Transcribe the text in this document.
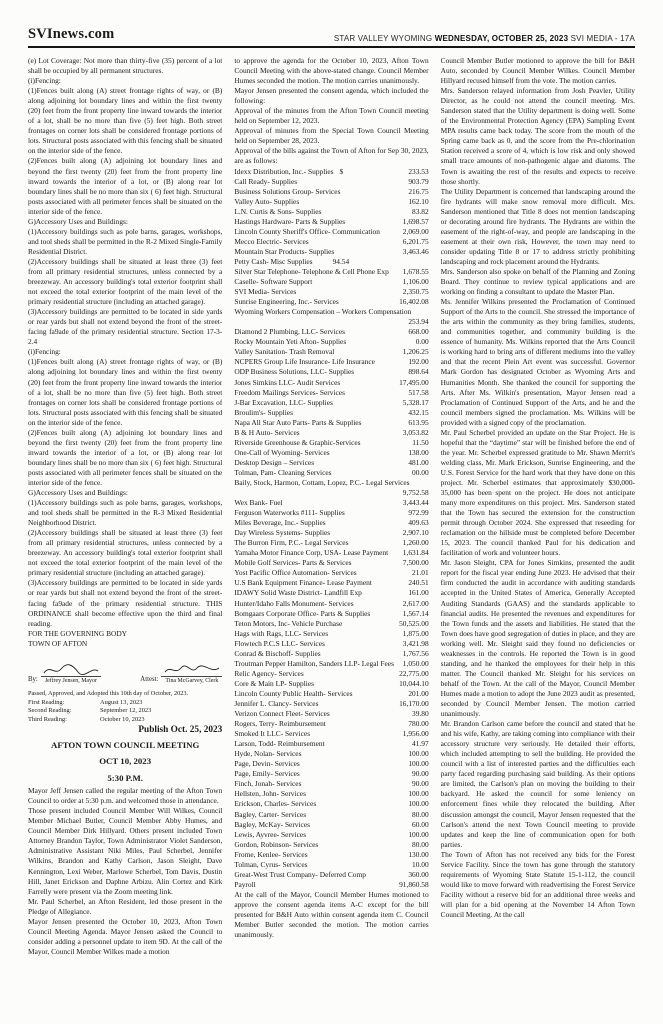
SVInews.com	STAR VALLEY WYOMING WEDNESDAY, OCTOBER 25, 2023 SVI MEDIA - 17A

(e) Lot Coverage: Not more than thirty-five (35) percent of a lot shall be occupied by all permanent structures.

(i)Fencing:

(1)Fences built along (A) street frontage rights of way, or (B) along adjoining lot boundary lines and within the first twenty (20) feet from the front property line inward towards the interior of a lot, shall be no more than five (5) feet high. Both street frontages on corner lots shall be considered frontage portions of lots. Structural posts associated with this fencing shall be situated on the interior side of the fence.

(2)Fences built along (A) adjoining lot boundary lines and beyond the first twenty (20) feet from the front property line inward towards the interior of a lot, or (B) along rear lot boundary lines shall be no more than six ( 6) feet high. Structural posts associated with all perimeter fences shall be situated on the interior side of the fence.

G)Accessory Uses and Buildings:

(1)Accessory buildings such as pole barns, garages, workshops, and tool sheds shall be permitted in the R-2 Mixed Single-Family Residential District.

(2)Accessory buildings shall be situated at least three (3) feet from all primary residential structures, unless connected by a breezeway. An accessory building's total exterior footprint shall not exceed the total exterior footprint of the main level of the primary residential structure (including an attached garage).

(3)Accessory buildings are permitted to be located in side yards or rear yards but shall not extend beyond the front of the street-facing fa9ade of the primary residential structure. Section 17-3-2.4

(i)Fencing:

(1)Fences built along (A) street frontage rights of way, or (B) along adjoining lot boundary lines and within the first twenty (20) feet from the front property line inward towards the interior of a lot, shall be no more than five (5) feet high. Both street frontages on corner lots shall be considered frontage portions of lots. Structural posts associated with this fencing shall be situated on the interior side of the fence.

(2)Fences built along (A) adjoining lot boundary lines and beyond the first twenty (20) feet from the front property line inward towards the interior of a lot, or (B) along rear lot boundary lines shall be no more than six ( 6) feet high. Structural posts associated with all perimeter fences shall be situated on the interior side of the fence.

G)Accessory Uses and Buildings:

(1)Accessory buildings such as pole barns, garages, workshops, and tool sheds shall be permitted in the R-3 Mixed Residential Neighborhood District.

(2)Accessory buildings shall be situated at least three (3) feet from all primary residential structures, unless connected by a breezeway. An accessory building's total exterior footprint shall not exceed the total exterior footprint of the main level of the primary residential structure (including an attached garage).

(3)Accessory buildings are permitted to be located in side yards or rear yards but shall not extend beyond the front of the street-facing fa9ade of the primary residential structure. THIS ORDINANCE shall become effective upon the third and final reading.

FOR THE GOVERNING BODY

TOWN OF AFTON

By:	Jeffrey Jensen, Mayor	Attest:	Tina McGarvey, Clerk

Passed, Approved, and Adopted this 10th day of October, 2023.

First Reading:	August 13, 2023
Second Reading:	September 12, 2023
Third Reading:	October 10, 2023

Publish Oct. 25, 2023

AFTON TOWN COUNCIL MEETING
OCT 10, 2023
5:30 P.M.

Mayor Jeff Jensen called the regular meeting of the Afton Town Council to order at 5:30 p.m. and welcomed those in attendance.

Those present included Council Member Will Wilkes, Council Member Michael Butler, Council Member Abby Humes, and Council Member Dirk Hillyard. Others present included Town Attorney Brandon Taylor, Town Administrator Violet Sanderson, Administrative Assistant Niki Miles, Paul Scherbel, Jennifer Wilkins, Brandon and Kathy Carlson, Jason Sleight, Dave Kennington, Lexi Weber, Marlowe Scherbel, Tom Davis, Dustin Hill, Janet Erickson and Daphne Arbizu. Alin Cortez and Kirk Farrelly were present via the Zoom meeting link.

Mr. Paul Scherbel, an Afton Resident, led those present in the Pledge of Allegiance.

Mayor Jensen presented the October 10, 2023, Afton Town Council Meeting Agenda. Mayor Jensen asked the Council to consider adding a personnel update to item 9D. At the call of the Mayor, Council Member Wilkes made a motion

to approve the agenda for the October 10, 2023, Afton Town Council Meeting with the above-stated change. Council Member Humes seconded the motion. The motion carries unanimously.

Mayor Jensen presented the consent agenda, which included the following:

Approval of the minutes from the Afton Town Council meeting held on September 12, 2023.

Approval of minutes from the Special Town Council Meeting held on September 28, 2023.

Approval of the bills against the Town of Afton for Sep 30, 2023, are as follows:

Idexx Distribution, Inc.- Supplies $	233.53
Call Ready- Supplies	903.79
Business Solutions Group- Services	216.75
Valley Auto- Supplies	162.10
L.N. Curtis & Sons- Supplies	83.82
Hastings Hardware- Parts & Supplies	1,698.57
Lincoln County Sheriff's Office- Communication	2,069.00
Mecco Electric- Services	6,201.75
Mountain Star Products- Supplies	3,463.46
Petty Cash- Misc Supplies	94.54
Silver Star Telephone- Telephone & Cell Phone Exp 1,678.55
Caselle- Software Support	1,106.00
SVI Media- Services	2,350.75
Sunrise Engineering, Inc.- Services	16,402.08
Wyoming Workers Compensation – Workers Compensation
253.94
Diamond 2 Plumbing, LLC- Services	668.00
Rocky Mountain Yeti Afton- Supplies	0.00
Valley Sanitation- Trash Removal	1,206.25
NCPERS Group Life Insurance- Life Insurance	192.00
ODP Business Solutions, LLC- Supplies	898.64
Jones Simkins LLC- Audit Services	17,495.00
Freedom Mailings Services- Services	517.58
J-Bar Excavation, LLC- Supplies	5,328.17
Broulim's- Supplies	432.15
Napa All Star Auto Parts- Parts & Supplies	613.95
B & H Auto- Services	3,053.82
Riverside Greenhouse & Graphic-Services	11.50
One-Call of Wyoming- Services	138.00
Desktop Design – Services	481.00
Tolman, Pam- Cleaning Services	00.00
Baily, Stock, Harmon, Cottam, Lopez, P.C.- Legal Services
9,752.58
Wex Bank- Fuel	3,443.44
Ferguson Waterworks #111- Supplies	972.99
Miles Beverage, Inc.- Supplies	409.63
Day Wireless Systems- Supplies	2,907.10
The Burron Firm, P.C.- Legal Services	1,260.00
Yamaha Motor Finance Corp, USA- Lease Payment 1,631.84
Mobile Golf Services- Parts & Services	7,500.00
Yost Pacific Office Automation- Services	21.01
U.S Bank Equipment Finance- Lease Payment	240.51
IDAWY Solid Waste District- Landfill Exp	161.00
Hunter/Idaho Falls Monument- Services	2,617.00
Bomgaars Corporate Office- Parts & Supplies	1,567.14
Teton Motors, Inc- Vehicle Purchase	50,525.00
Hags with Rags, LLC- Services	1,875.00
Flowtech P.C.S LLC- Services	3,421.98
Conrad & Bischoff- Supplies	1,767.56
Troutman Pepper Hamilton, Sanders LLP- Legal Fees 1,050.00
Relic Agency- Services	22,775.00
Core & Main LP- Supplies	10,044.10
Lincoln County Public Health- Services	201.00
Jennifer L. Clancy- Services	16,170.00
Verizon Connect Fleet- Services	39.80
Rogers, Terry- Reimbursement	780.00
Smoked It LLC- Services	1,956.00
Larson, Todd- Reimbursement	41.97
Hyde, Nolan- Services	100.00
Page, Devin- Services	100.00
Page, Emily- Services	90.00
Finch, Jonah- Services	90.00
Hellsten, John- Services	100.00
Erickson, Charles- Services	100.00
Bagley, Carter- Services	80.00
Bagley, McKay- Services	60.00
Lewis, Ayvree- Services	100.00
Gordon, Robinson- Services	80.00
Frome, Kenlee- Services	130.00
Tolman, Cyrus- Services	10.00
Great-West Trust Company- Deferred Comp	360.00
Payroll	91,860.58

At the call of the Mayor, Council Member Humes motioned to approve the consent agenda items A-C except for the bill presented for B&H Auto within consent agenda item C. Council Member Butler seconded the motion. The motion carries unanimously.

Council Member Butler motioned to approve the bill for B&H Auto, seconded by Council Member Wilkes. Council Member Hillyard recused himself from the vote. The motion carries.

Mrs. Sanderson relayed information from Josh Peavler, Utility Director, as he could not attend the council meeting. Mrs. Sanderson stated that the Utility department is doing well. Some of the Environmental Protection Agency (EPA) Sampling Event MPA results came back today. The score from the mouth of the Spring came back as 0, and the score from the Pre-chlorination Station received a score of 4, which is low risk and only showed small trace amounts of non-pathogenic algae and diatoms. The Town is awaiting the rest of the results and expects to receive those shortly.

The Utility Department is concerned that landscaping around the fire hydrants will make snow removal more difficult. Mrs. Sanderson mentioned that Title 8 does not mention landscaping or decorating around fire hydrants. The Hydrants are within the easement of the right-of-way, and people are landscaping in the easement at their own risk, However, the town may need to consider updating Title 8 or 17 to address strictly prohibiting landscaping and rock placement around the Hydrants.

Mrs. Sanderson also spoke on behalf of the Planning and Zoning Board. They continue to review typical applications and are working on finding a consultant to update the Master Plan.

Ms. Jennifer Wilkins presented the Proclamation of Continued Support of the Arts to the council. She stressed the importance of the arts within the community as they bring families, students, and communities together, and community building is the essence of humanity. Ms. Wilkins reported that the Arts Council is working hard to bring arts of different mediums into the valley and that the recent Plein Art event was successful. Governor Mark Gordon has designated October as Wyoming Arts and Humanities Month. She thanked the council for supporting the Arts. After Ms. Wilkin's presentation, Mayor Jensen read a Proclamation of Continued Support of the Arts, and he and the council members signed the proclamation. Ms. Wilkins will be provided with a signed copy of the proclamation.

Mr. Paul Scherbel provided an update on the Star Project. He is hopeful that the “daytime” star will be finished before the end of the year. Mr. Scherbel expressed gratitude to Mr. Shawn Merrit's welding class, Mr. Mark Erickson, Sunrise Engineering, and the U.S. Forest Service for the hard work that they have done on this project. Mr. Scherbel estimates that approximately $30,000-35,000 has been spent on the project. He does not anticipate many more expenditures on this project. Mrs. Sanderson stated that the Town has secured the extension for the construction permit through October 2024. She expressed that reseeding for reclamation on the hillside must be completed before December 15, 2023. The council thanked Paul for his dedication and facilitation of work and volunteer hours.

Mr. Jason Sleight, CPA for Jones Simkins, presented the audit report for the fiscal year ending June 2023. He advised that their firm conducted the audit in accordance with auditing standards accepted in the United States of America, Generally Accepted Auditing Standards (GAAS) and the standards applicable to financial audits. He presented the revenues and expenditures for the Town funds and the assets and liabilities. He stated that the Town does have good segregation of duties in place, and they are working well. Mr. Sleight said they found no deficiencies or weaknesses in the controls. He reported the Town is in good standing, and he thanked the employees for their help in this matter. The Council thanked Mr. Sleight for his services on behalf of the Town. At the call of the Mayor, Council Member Humes made a motion to adopt the June 2023 audit as presented, seconded by Council Member Jensen. The motion carried unanimously.

Mr. Brandon Carlson came before the council and stated that he and his wife, Kathy, are taking coming into compliance with their accessory structure very seriously. He detailed their efforts, which included attempting to sell the building. He provided the council with a list of interested parties and the difficulties each party faced regarding purchasing said building. As their options are limited, the Carlson's plan on moving the building to their backyard. He asked the council for some leniency on enforcement fines while they relocated the building. After discussion amongst the council, Mayor Jensen requested that the Carlson's attend the next Town Council meeting to provide updates and keep the line of communication open for both parties.

The Town of Afton has not received any bids for the Forest Service Facility. Since the town has gone through the statutory requirements of Wyoming State Statute 15-1-112, the council would like to move forward with readvertising the Forest Service Facility without a reserve bid for an additional three weeks and will plan for a bid opening at the November 14 Afton Town Council Meeting. At the call
